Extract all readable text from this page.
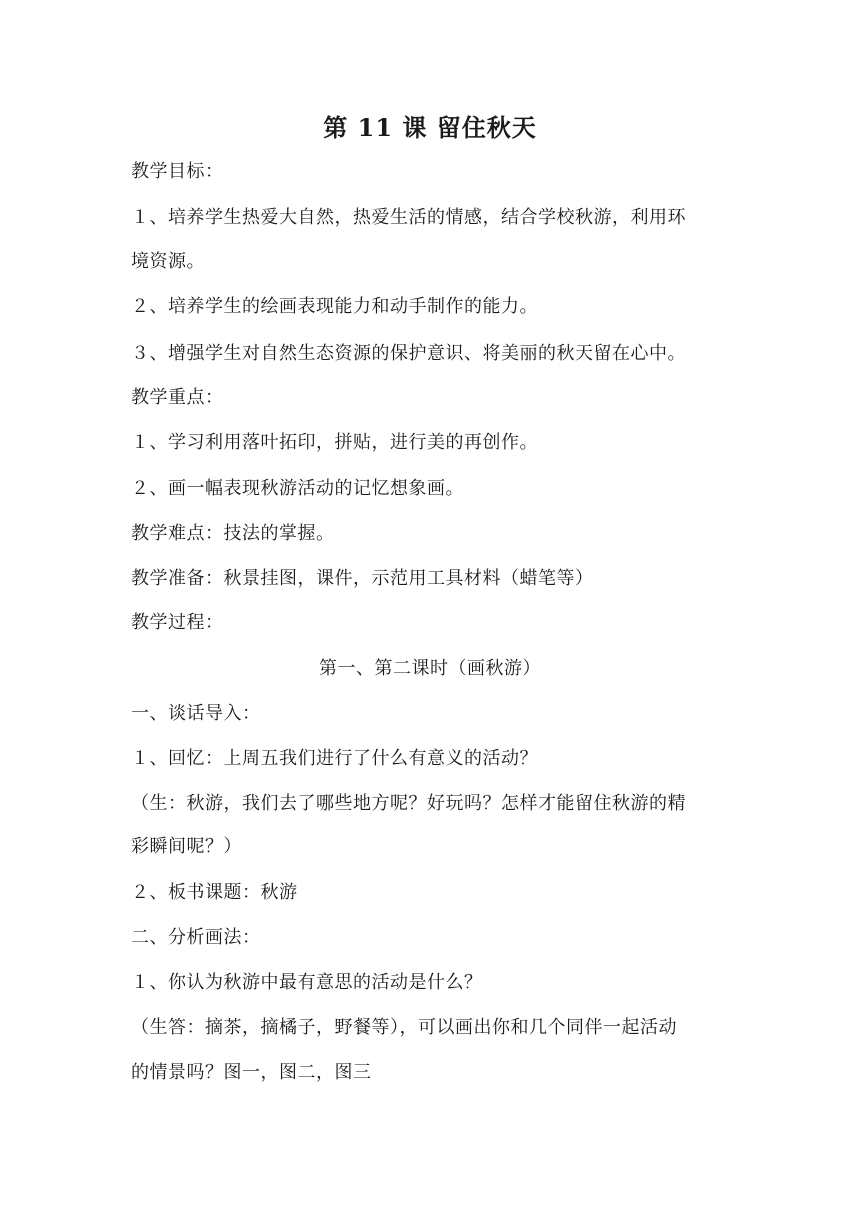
第 11 课 留住秋天
教学目标：
１、培养学生热爱大自然，热爱生活的情感，结合学校秋游，利用环
境资源。
２、培养学生的绘画表现能力和动手制作的能力。
３、增强学生对自然生态资源的保护意识、将美丽的秋天留在心中。
教学重点：
１、学习利用落叶拓印，拼贴，进行美的再创作。
２、画一幅表现秋游活动的记忆想象画。
教学难点：技法的掌握。
教学准备：秋景挂图，课件，示范用工具材料（蜡笔等）
教学过程：
第一、第二课时（画秋游）
一、谈话导入：
１、回忆：上周五我们进行了什么有意义的活动？
（生：秋游，我们去了哪些地方呢？好玩吗？怎样才能留住秋游的精
彩瞬间呢？）
２、板书课题：秋游
二、分析画法：
１、你认为秋游中最有意思的活动是什么？
（生答：摘茶，摘橘子，野餐等），可以画出你和几个同伴一起活动
的情景吗？图一，图二，图三
